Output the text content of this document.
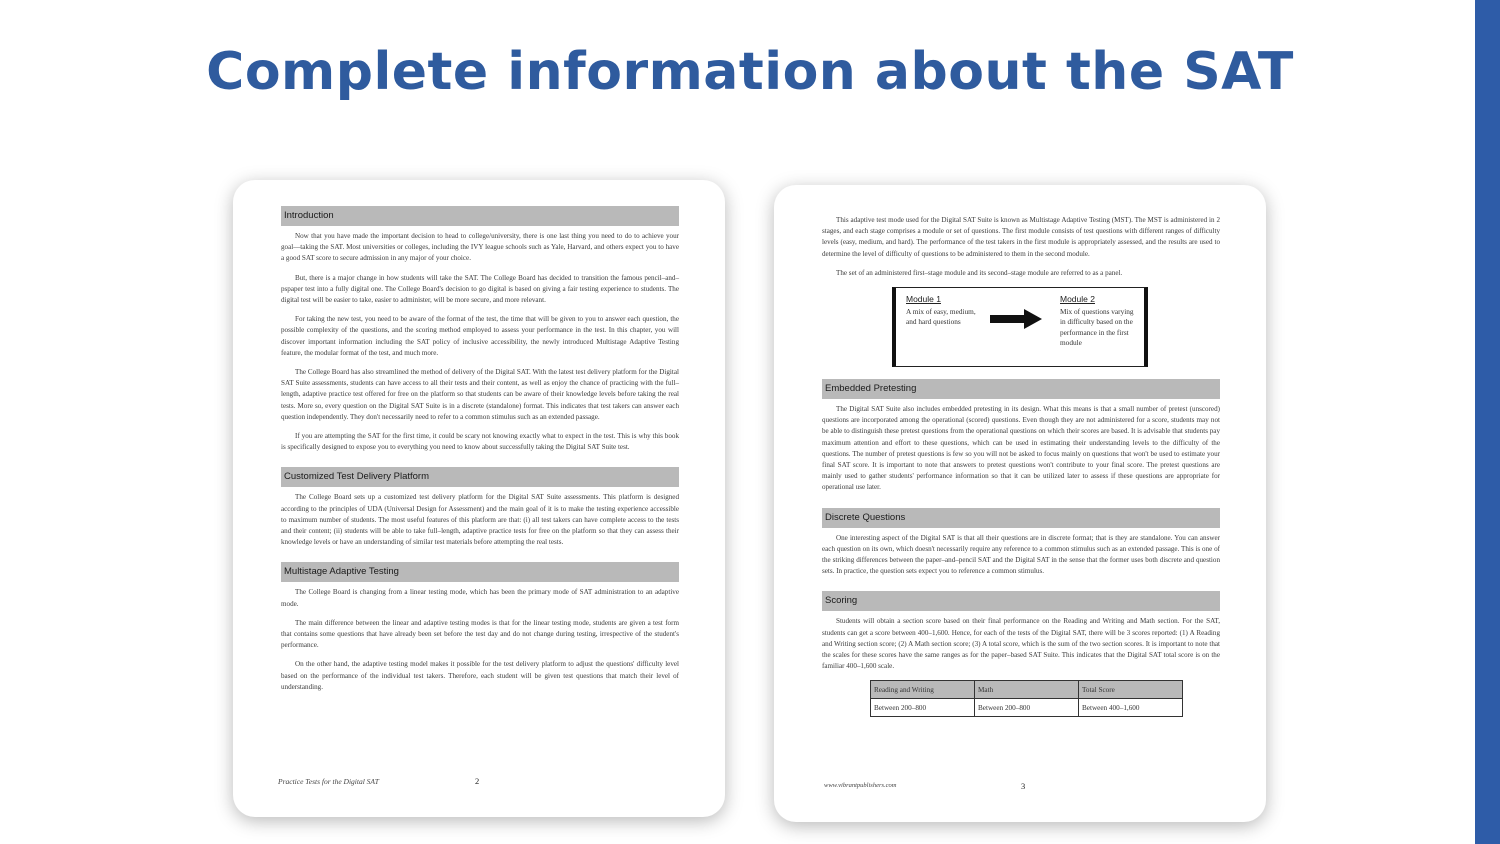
Complete information about the SAT
Introduction

Now that you have made the important decision to head to college/university, there is one last thing you need to do to achieve your goal—taking the SAT. Most universities or colleges, including the IVY league schools such as Yale, Harvard, and others expect you to have a good SAT score to secure admission in any major of your choice.

But, there is a major change in how students will take the SAT. The College Board has decided to transition the famous pencil–and–pspaper test into a fully digital one. The College Board's decision to go digital is based on giving a fair testing experience to students. The digital test will be easier to take, easier to administer, will be more secure, and more relevant.

For taking the new test, you need to be aware of the format of the test, the time that will be given to you to answer each question, the possible complexity of the questions, and the scoring method employed to assess your performance in the test. In this chapter, you will discover important information including the SAT policy of inclusive accessibility, the newly introduced Multistage Adaptive Testing feature, the modular format of the test, and much more.

The College Board has also streamlined the method of delivery of the Digital SAT. With the latest test delivery platform for the Digital SAT Suite assessments, students can have access to all their tests and their content, as well as enjoy the chance of practicing with the full–length, adaptive practice test offered for free on the platform so that students can be aware of their knowledge levels before taking the real tests. More so, every question on the Digital SAT Suite is in a discrete (standalone) format. This indicates that test takers can answer each question independently. They don't necessarily need to refer to a common stimulus such as an extended passage.

If you are attempting the SAT for the first time, it could be scary not knowing exactly what to expect in the test. This is why this book is specifically designed to expose you to everything you need to know about successfully taking the Digital SAT Suite test.

Customized Test Delivery Platform

The College Board sets up a customized test delivery platform for the Digital SAT Suite assessments. This platform is designed according to the principles of UDA (Universal Design for Assessment) and the main goal of it is to make the testing experience accessible to maximum number of students. The most useful features of this platform are that: (i) all test takers can have complete access to the tests and their content; (ii) students will be able to take full–length, adaptive practice tests for free on the platform so that they can assess their knowledge levels or have an understanding of similar test materials before attempting the real tests.

Multistage Adaptive Testing

The College Board is changing from a linear testing mode, which has been the primary mode of SAT administration to an adaptive mode.

The main difference between the linear and adaptive testing modes is that for the linear testing mode, students are given a test form that contains some questions that have already been set before the test day and do not change during testing, irrespective of the student's performance.

On the other hand, the adaptive testing model makes it possible for the test delivery platform to adjust the questions' difficulty level based on the performance of the individual test takers. Therefore, each student will be given test questions that match their level of understanding.

Practice Tests for the Digital SAT	2

This adaptive test mode used for the Digital SAT Suite is known as Multistage Adaptive Testing (MST). The MST is administered in 2 stages, and each stage comprises a module or set of questions. The first module consists of test questions with different ranges of difficulty levels (easy, medium, and hard). The performance of the test takers in the first module is appropriately assessed, and the results are used to determine the level of difficulty of questions to be administered to them in the second module.

The set of an administered first–stage module and its second–stage module are referred to as a panel.

Module 1
A mix of easy, medium, and hard questions
Module 2
Mix of questions varying in difficulty based on the performance in the first module
Embedded Pretesting

The Digital SAT Suite also includes embedded pretesting in its design. What this means is that a small number of pretest (unscored) questions are incorporated among the operational (scored) questions. Even though they are not administered for a score, students may not be able to distinguish these pretest questions from the operational questions on which their scores are based. It is advisable that students pay maximum attention and effort to these questions, which can be used in estimating their understanding levels to the difficulty of the questions. The number of pretest questions is few so you will not be asked to focus mainly on questions that won't be used to estimate your final SAT score. It is important to note that answers to pretest questions won't contribute to your final score. The pretest questions are mainly used to gather students' performance information so that it can be utilized later to assess if these questions are appropriate for operational use later.

Discrete Questions

One interesting aspect of the Digital SAT is that all their questions are in discrete format; that is they are standalone. You can answer each question on its own, which doesn't necessarily require any reference to a common stimulus such as an extended passage. This is one of the striking differences between the paper–and–pencil SAT and the Digital SAT in the sense that the former uses both discrete and question sets. In practice, the question sets expect you to reference a common stimulus.

Scoring

Students will obtain a section score based on their final performance on the Reading and Writing and Math section. For the SAT, students can get a score between 400–1,600. Hence, for each of the tests of the Digital SAT, there will be 3 scores reported: (1) A Reading and Writing section score; (2) A Math section score; (3) A total score, which is the sum of the two section scores. It is important to note that the scales for these scores have the same ranges as for the paper–based SAT Suite. This indicates that the Digital SAT total score is on the familiar 400–1,600 scale.

Reading and Writing	Math	Total Score
Between 200–800	Between 200–800	Between 400–1,600
www.vibrantpublishers.com	3
